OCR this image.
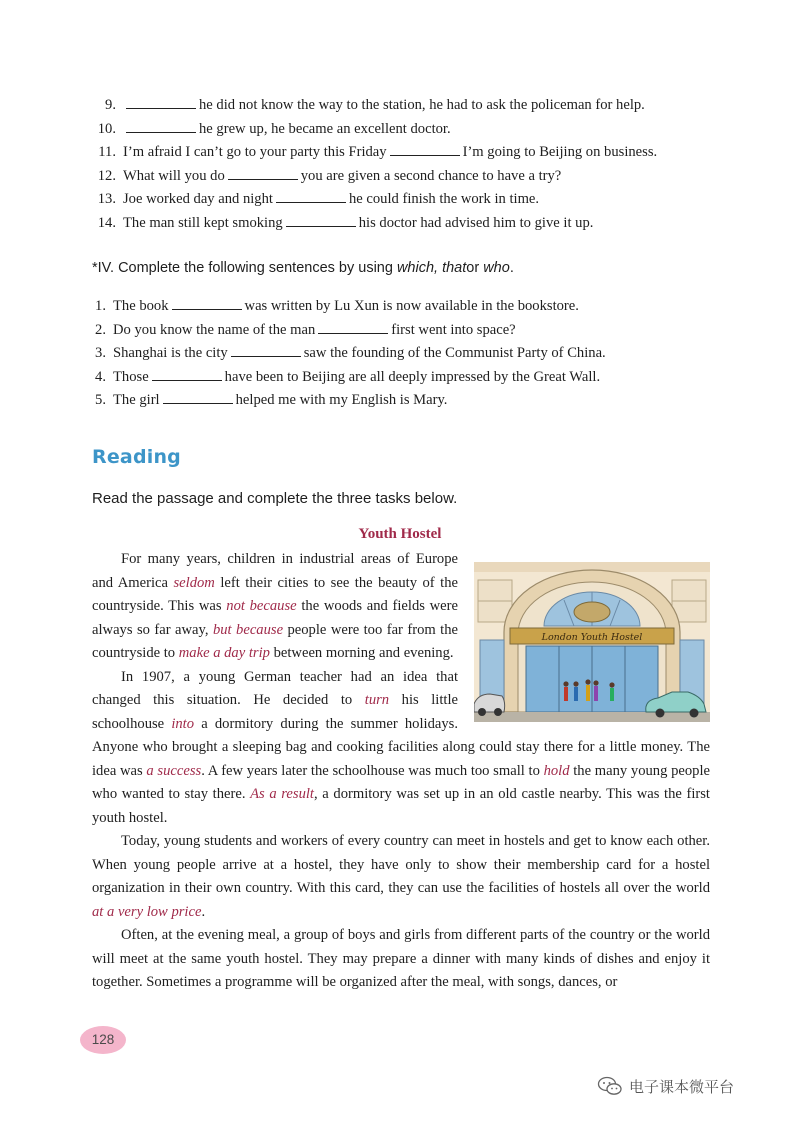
9.	he did not know the way to the station, he had to ask the policeman for help.
10.	he grew up, he became an excellent doctor.
11. I’m afraid I can’t go to your party this Friday	I’m going to Beijing on business.
12. What will you do	you are given a second chance to have a try?
13. Joe worked day and night	he could finish the work in time.
14. The man still kept smoking	his doctor had advised him to give it up.
*IV. Complete the following sentences by using which, thator who.
1. The book	was written by Lu Xun is now available in the bookstore.
2. Do you know the name of the man	first went into space?
3. Shanghai is the city	saw the founding of the Communist Party of China.
4. Those	have been to Beijing are all deeply impressed by the Great Wall.
5. The girl	helped me with my English is Mary.
Reading

Read the passage and complete the three tasks below.

Youth Hostel
London Youth Hostel

For many years, children in industrial areas of Europe and America seldom left their cities to see the beauty of the countryside. This was not because the woods and fields were always so far away, but because people were too far from the countryside to make a day trip between morning and evening.

In 1907, a young German teacher had an idea that changed this situation. He decided to turn his little schoolhouse into a dormitory during the summer holidays. Anyone who brought a sleeping bag and cooking facilities along could stay there for a little money. The idea was a success. A few years later the schoolhouse was much too small to hold the many young people who wanted to stay there. As a result, a dormitory was set up in an old castle nearby. This was the first youth hostel.

Today, young students and workers of every country can meet in hostels and get to know each other. When young people arrive at a hostel, they have only to show their membership card for a hostel organization in their own country. With this card, they can use the facilities of hostels all over the world at a very low price.

Often, at the evening meal, a group of boys and girls from different parts of the country or the world will meet at the same youth hostel. They may prepare a dinner with many kinds of dishes and enjoy it together. Sometimes a programme will be organized after the meal, with songs, dances, or

128
电子课本微平台
